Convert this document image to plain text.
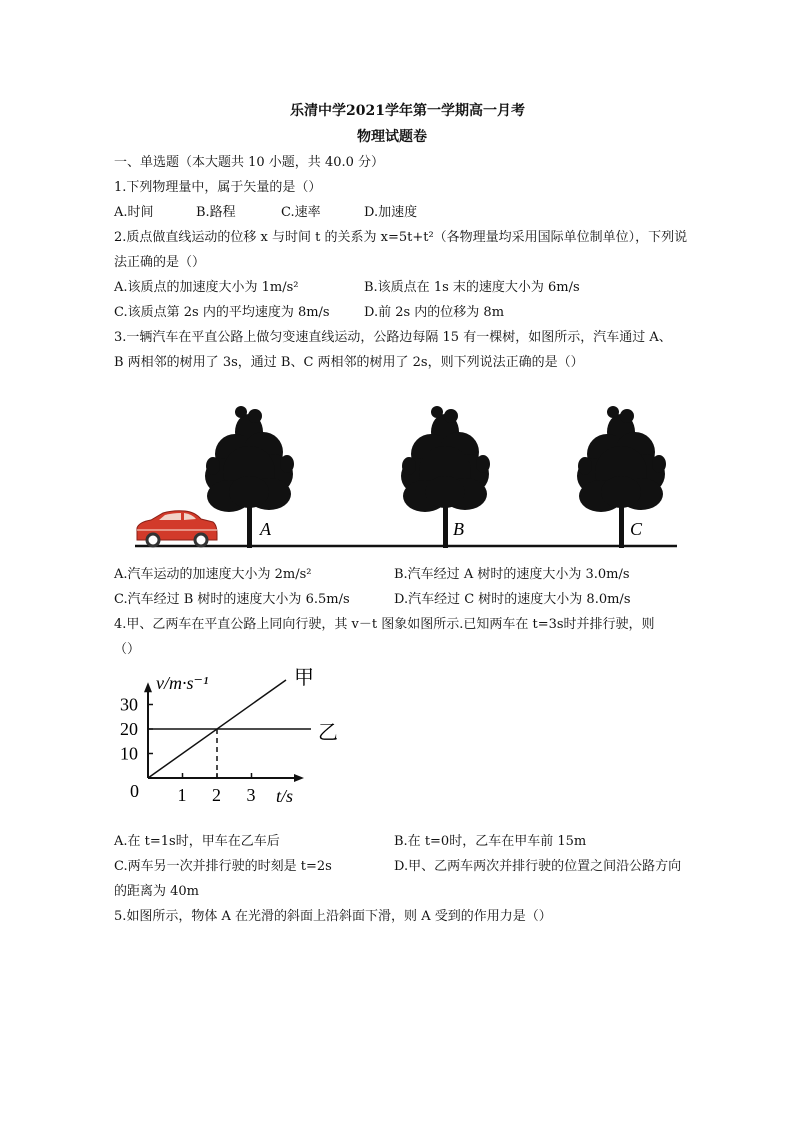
乐清中学2021学年第一学期高一月考
物理试题卷
一、单选题（本大题共 10 小题，共 40.0 分）
1.下列物理量中，属于矢量的是（）
A.时间	B.路程	C.速率	D.加速度
2.质点做直线运动的位移 x 与时间 t 的关系为 x=5t+t²（各物理量均采用国际单位制单位），下列说
法正确的是（）
A.该质点的加速度大小为 1m/s²	B.该质点在 1s 末的速度大小为 6m/s
C.该质点第 2s 内的平均速度为 8m/s	D.前 2s 内的位移为 8m
3.一辆汽车在平直公路上做匀变速直线运动，公路边每隔 15 有一棵树，如图所示，汽车通过 A、
B 两相邻的树用了 3s，通过 B、C 两相邻的树用了 2s，则下列说法正确的是（）
A	B	C
A.汽车运动的加速度大小为 2m/s²	B.汽车经过 A 树时的速度大小为 3.0m/s
C.汽车经过 B 树时的速度大小为 6.5m/s	D.汽车经过 C 树时的速度大小为 8.0m/s
4.甲、乙两车在平直公路上同向行驶，其 v－t 图象如图所示.已知两车在 t=3s时并排行驶，则
（）
v/m·s⁻¹
t/s
0 1 2 3
10
20
30
甲
乙
A.在 t=1s时，甲车在乙车后	B.在 t=0时，乙车在甲车前 15m
C.两车另一次并排行驶的时刻是 t=2s	D.甲、乙两车两次并排行驶的位置之间沿公路方向
的距离为 40m
5.如图所示，物体 A 在光滑的斜面上沿斜面下滑，则 A 受到的作用力是（）
